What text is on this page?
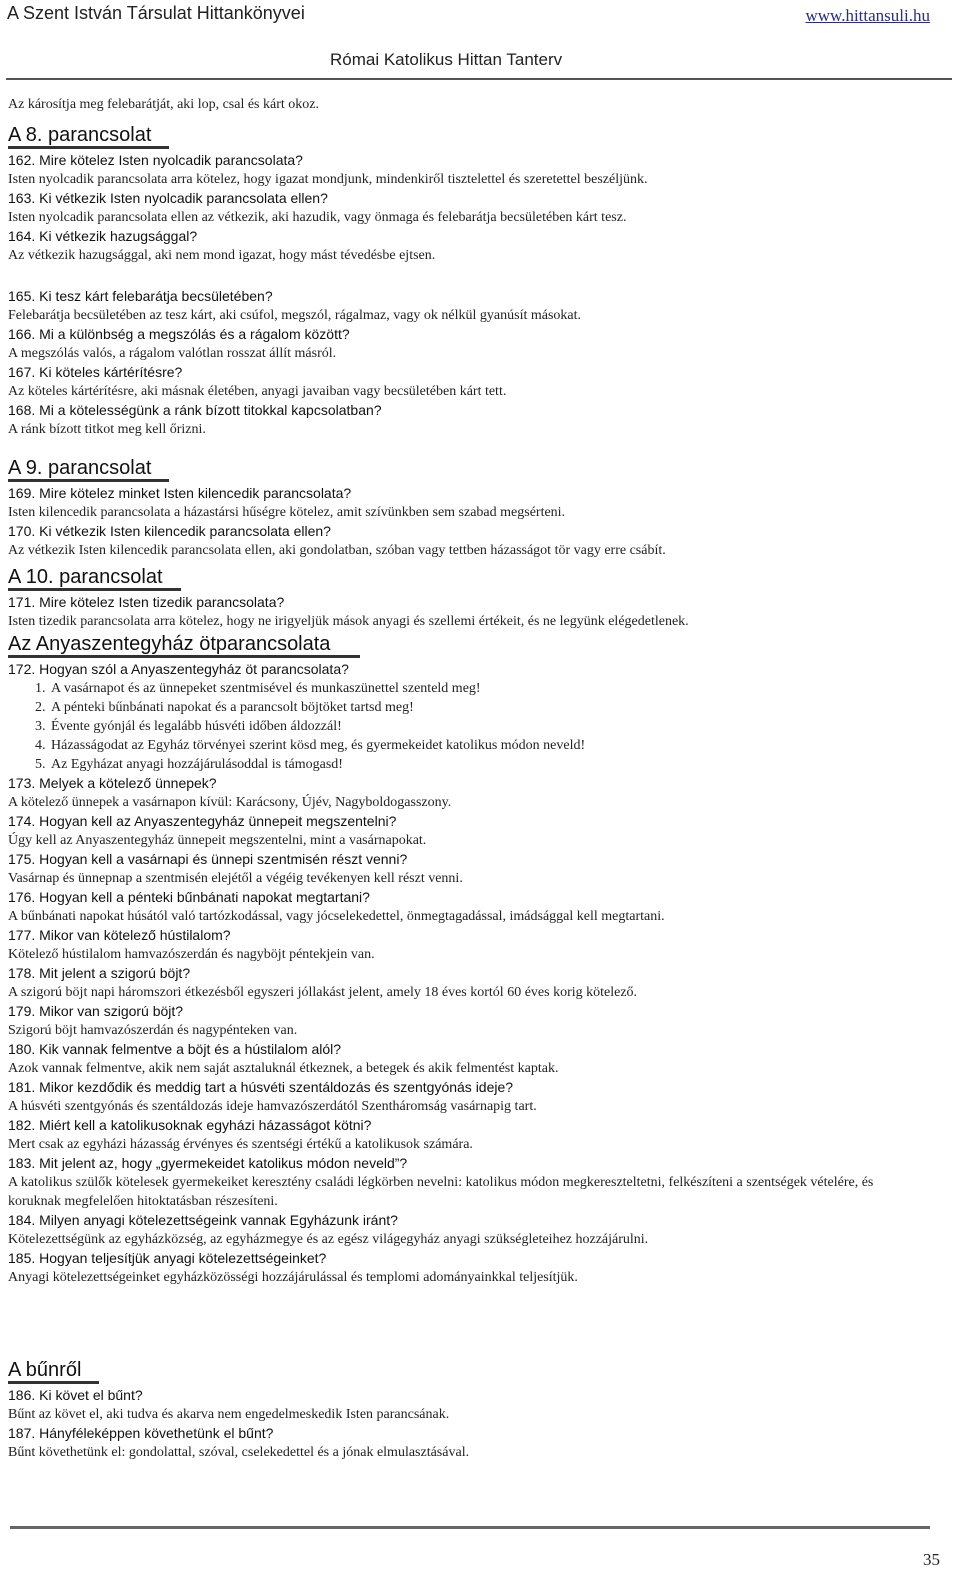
A Szent István Társulat Hittankönyvei	www.hittansuli.hu
Római Katolikus Hittan Tanterv
Az károsítja meg felebarátját, aki lop, csal és kárt okoz.
A 8. parancsolat
162. Mire kötelez Isten nyolcadik parancsolata?
Isten nyolcadik parancsolata arra kötelez, hogy igazat mondjunk, mindenkiről tisztelettel és szeretettel beszéljünk.
163. Ki vétkezik Isten nyolcadik parancsolata ellen?
Isten nyolcadik parancsolata ellen az vétkezik, aki hazudik, vagy önmaga és felebarátja becsületében kárt tesz.
164. Ki vétkezik hazugsággal?
Az vétkezik hazugsággal, aki nem mond igazat, hogy mást tévedésbe ejtsen.
165. Ki tesz kárt felebarátja becsületében?
Felebarátja becsületében az tesz kárt, aki csúfol, megszól, rágalmaz, vagy ok nélkül gyanúsít másokat.
166. Mi a különbség a megszólás és a rágalom között?
A megszólás valós, a rágalom valótlan rosszat állít másról.
167. Ki köteles kártérítésre?
Az köteles kártérítésre, aki másnak életében, anyagi javaiban vagy becsületében kárt tett.
168. Mi a kötelességünk a ránk bízott titokkal kapcsolatban?
A ránk bízott titkot meg kell őrizni.
A 9. parancsolat
169. Mire kötelez minket Isten kilencedik parancsolata?
Isten kilencedik parancsolata a házastársi hűségre kötelez, amit szívünkben sem szabad megsérteni.
170. Ki vétkezik Isten kilencedik parancsolata ellen?
Az vétkezik Isten kilencedik parancsolata ellen, aki gondolatban, szóban vagy tettben házasságot tör vagy erre csábít.
A 10. parancsolat
171. Mire kötelez Isten tizedik parancsolata?
Isten tizedik parancsolata arra kötelez, hogy ne irigyeljük mások anyagi és szellemi értékeit, és ne legyünk elégedetlenek.
Az Anyaszentegyház ötparancsolata
172. Hogyan szól a Anyaszentegyház öt parancsolata?
1. A vasárnapot és az ünnepeket szentmisével és munkaszünettel szenteld meg!
2. A pénteki bűnbánati napokat és a parancsolt böjtöket tartsd meg!
3. Évente gyónjál és legalább húsvéti időben áldozzál!
4. Házasságodat az Egyház törvényei szerint kösd meg, és gyermekeidet katolikus módon neveld!
5. Az Egyházat anyagi hozzájárulásoddal is támogasd!
173. Melyek a kötelező ünnepek?
A kötelező ünnepek a vasárnapon kívül: Karácsony, Újév, Nagyboldogasszony.
174. Hogyan kell az Anyaszentegyház ünnepeit megszentelni?
Úgy kell az Anyaszentegyház ünnepeit megszentelni, mint a vasárnapokat.
175. Hogyan kell a vasárnapi és ünnepi szentmisén részt venni?
Vasárnap és ünnepnap a szentmisén elejétől a végéig tevékenyen kell részt venni.
176. Hogyan kell a pénteki bűnbánati napokat megtartani?
A bűnbánati napokat húsától való tartózkodással, vagy jócselekedettel, önmegtagadással, imádsággal kell megtartani.
177. Mikor van kötelező hústilalom?
Kötelező hústilalom hamvazószerdán és nagyböjt péntekjein van.
178. Mit jelent a szigorú böjt?
A szigorú böjt napi háromszori étkezésből egyszeri jóllakást jelent, amely 18 éves kortól 60 éves korig kötelező.
179. Mikor van szigorú böjt?
Szigorú böjt hamvazószerdán és nagypénteken van.
180. Kik vannak felmentve a böjt és a hústilalom alól?
Azok vannak felmentve, akik nem saját asztaluknál étkeznek, a betegek és akik felmentést kaptak.
181. Mikor kezdődik és meddig tart a húsvéti szentáldozás és szentgyónás ideje?
A húsvéti szentgyónás és szentáldozás ideje hamvazószerdától Szentháromság vasárnapig tart.
182. Miért kell a katolikusoknak egyházi házasságot kötni?
Mert csak az egyházi házasság érvényes és szentségi értékű a katolikusok számára.
183. Mit jelent az, hogy „gyermekeidet katolikus módon neveld”?
A katolikus szülők kötelesek gyermekeiket keresztény családi légkörben nevelni: katolikus módon megkereszteltetni, felkészíteni a szentségek vételére, és koruknak megfelelően hitoktatásban részesíteni.
184. Milyen anyagi kötelezettségeink vannak Egyházunk iránt?
Kötelezettségünk az egyházközség, az egyházmegye és az egész világegyház anyagi szükségleteihez hozzájárulni.
185. Hogyan teljesítjük anyagi kötelezettségeinket?
Anyagi kötelezettségeinket egyházközösségi hozzájárulással és templomi adományainkkal teljesítjük.
A bűnről
186. Ki követ el bűnt?
Bűnt az követ el, aki tudva és akarva nem engedelmeskedik Isten parancsának.
187. Hányféleképpen követhetünk el bűnt?
Bűnt követhetünk el: gondolattal, szóval, cselekedettel és a jónak elmulasztásával.
35
